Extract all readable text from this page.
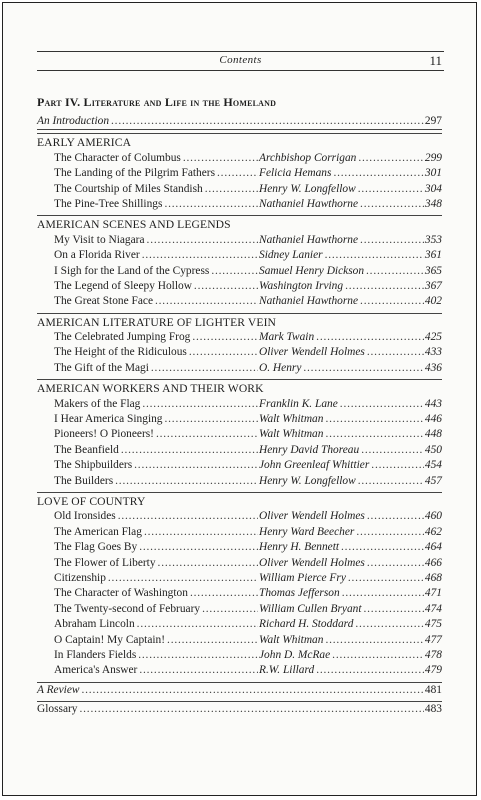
Contents	11
Part IV. Literature and Life in the Homeland
An Introduction .....	297
EARLY AMERICA
The Character of Columbus .....	Archbishop Corrigan .....	299
The Landing of the Pilgrim Fathers .....	Felicia Hemans .....	301
The Courtship of Miles Standish .....	Henry W. Longfellow .....	304
The Pine-Tree Shillings .....	Nathaniel Hawthorne .....	348
AMERICAN SCENES AND LEGENDS
My Visit to Niagara .....	Nathaniel Hawthorne .....	353
On a Florida River .....	Sidney Lanier .....	361
I Sigh for the Land of the Cypress .....	Samuel Henry Dickson .....	365
The Legend of Sleepy Hollow .....	Washington Irving .....	367
The Great Stone Face .....	Nathaniel Hawthorne .....	402
AMERICAN LITERATURE OF LIGHTER VEIN
The Celebrated Jumping Frog .....	Mark Twain .....	425
The Height of the Ridiculous .....	Oliver Wendell Holmes .....	433
The Gift of the Magi .....	O. Henry .....	436
AMERICAN WORKERS AND THEIR WORK
Makers of the Flag .....	Franklin K. Lane .....	443
I Hear America Singing .....	Walt Whitman .....	446
Pioneers! O Pioneers! .....	Walt Whitman .....	448
The Beanfield .....	Henry David Thoreau .....	450
The Shipbuilders .....	John Greenleaf Whittier .....	454
The Builders .....	Henry W. Longfellow .....	457
LOVE OF COUNTRY
Old Ironsides .....	Oliver Wendell Holmes .....	460
The American Flag .....	Henry Ward Beecher .....	462
The Flag Goes By .....	Henry H. Bennett .....	464
The Flower of Liberty .....	Oliver Wendell Holmes .....	466
Citizenship .....	William Pierce Fry .....	468
The Character of Washington .....	Thomas Jefferson .....	471
The Twenty-second of February .....	William Cullen Bryant .....	474
Abraham Lincoln .....	Richard H. Stoddard .....	475
O Captain! My Captain! .....	Walt Whitman .....	477
In Flanders Fields .....	John D. McRae .....	478
America's Answer .....	R.W. Lillard .....	479
A Review .....	481
Glossary .....	483
